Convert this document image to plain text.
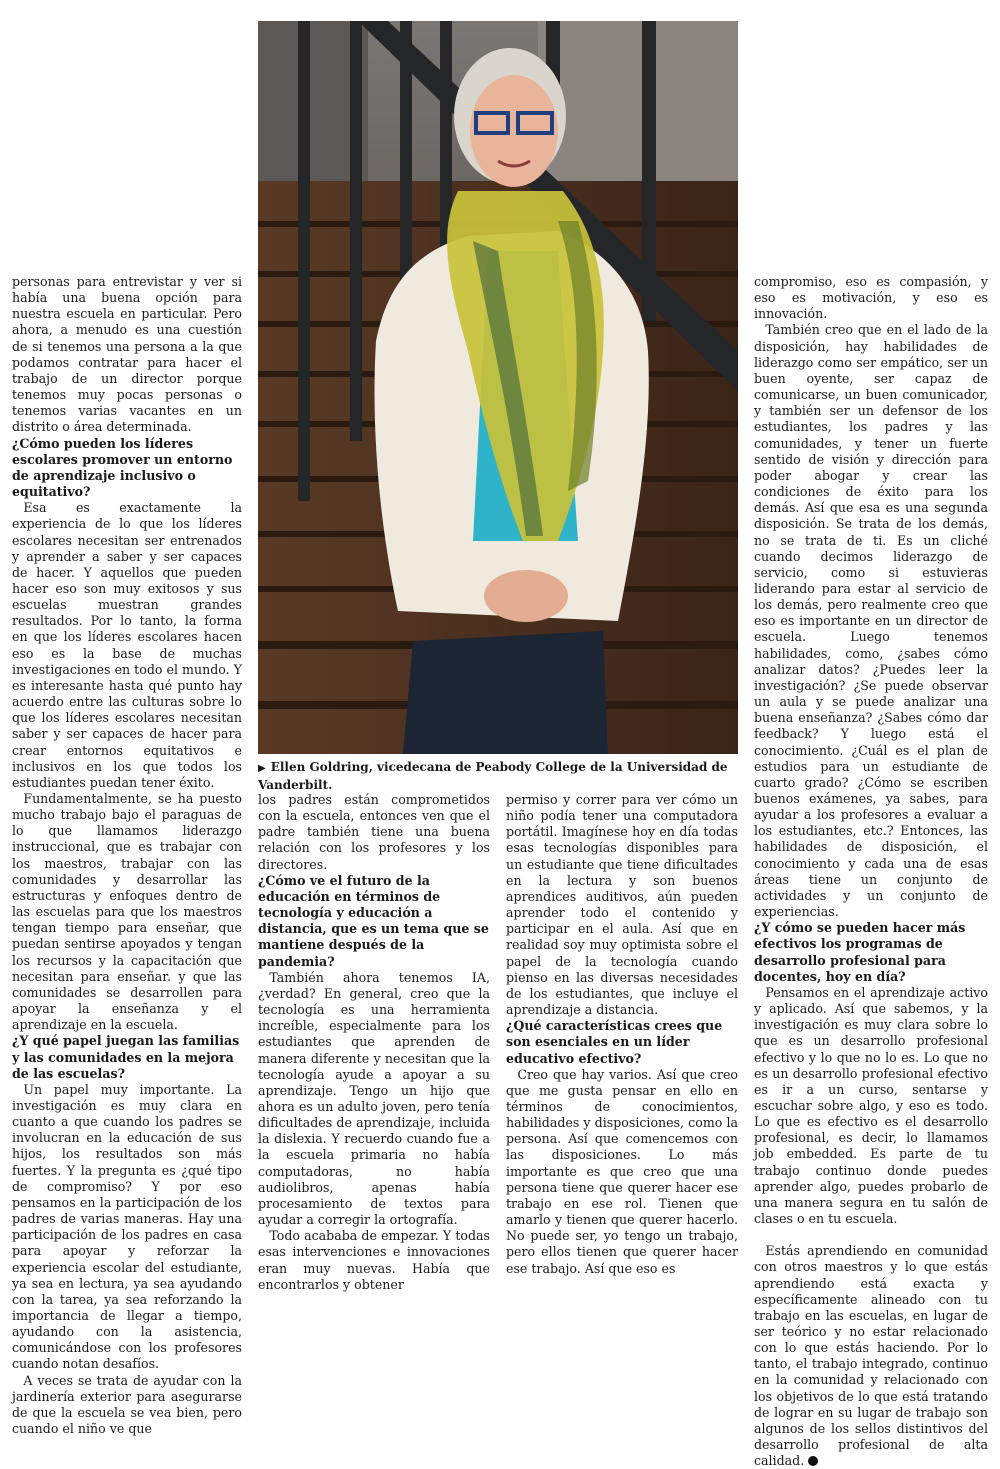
▶ Ellen Goldring, vicedecana de Peabody College de la Universidad de Vanderbilt.

personas para entrevistar y ver si había una buena opción para nuestra escuela en particular. Pero ahora, a menudo es una cuestión de si tenemos una persona a la que podamos contratar para hacer el trabajo de un director porque tenemos muy pocas personas o tenemos varias vacantes en un distrito o área determinada.

¿Cómo pueden los líderes escolares promover un entorno de aprendizaje inclusivo o equitativo?

Esa es exactamente la experiencia de lo que los líderes escolares necesitan ser entrenados y aprender a saber y ser capaces de hacer. Y aquellos que pueden hacer eso son muy exitosos y sus escuelas muestran grandes resultados. Por lo tanto, la forma en que los líderes escolares hacen eso es la base de muchas investigaciones en todo el mundo. Y es interesante hasta qué punto hay acuerdo entre las culturas sobre lo que los líderes escolares necesitan saber y ser capaces de hacer para crear entornos equitativos e inclusivos en los que todos los estudiantes puedan tener éxito.

Fundamentalmente, se ha puesto mucho trabajo bajo el paraguas de lo que llamamos liderazgo instruccional, que es trabajar con los maestros, trabajar con las comunidades y desarrollar las estructuras y enfoques dentro de las escuelas para que los maestros tengan tiempo para enseñar, que puedan sentirse apoyados y tengan los recursos y la capacitación que necesitan para enseñar. y que las comunidades se desarrollen para apoyar la enseñanza y el aprendizaje en la escuela.

¿Y qué papel juegan las familias y las comunidades en la mejora de las escuelas?

Un papel muy importante. La investigación es muy clara en cuanto a que cuando los padres se involucran en la educación de sus hijos, los resultados son más fuertes. Y la pregunta es ¿qué tipo de compromiso? Y por eso pensamos en la participación de los padres de varias maneras. Hay una participación de los padres en casa para apoyar y reforzar la experiencia escolar del estudiante, ya sea en lectura, ya sea ayudando con la tarea, ya sea reforzando la importancia de llegar a tiempo, ayudando con la asistencia, comunicándose con los profesores cuando notan desafíos.

A veces se trata de ayudar con la jardinería exterior para asegurarse de que la escuela se vea bien, pero cuando el niño ve que

los padres están comprometidos con la escuela, entonces ven que el padre también tiene una buena relación con los profesores y los directores.

¿Cómo ve el futuro de la educación en términos de tecnología y educación a distancia, que es un tema que se mantiene después de la pandemia?

También ahora tenemos IA, ¿verdad? En general, creo que la tecnología es una herramienta increíble, especialmente para los estudiantes que aprenden de manera diferente y necesitan que la tecnología ayude a apoyar a su aprendizaje. Tengo un hijo que ahora es un adulto joven, pero tenía dificultades de aprendizaje, incluida la dislexia. Y recuerdo cuando fue a la escuela primaria no había computadoras, no había audiolibros, apenas había procesamiento de textos para ayudar a corregir la ortografía.

Todo acababa de empezar. Y todas esas intervenciones e innovaciones eran muy nuevas. Había que encontrarlos y obtener

permiso y correr para ver cómo un niño podía tener una computadora portátil. Imagínese hoy en día todas esas tecnologías disponibles para un estudiante que tiene dificultades en la lectura y son buenos aprendices auditivos, aún pueden aprender todo el contenido y participar en el aula. Así que en realidad soy muy optimista sobre el papel de la tecnología cuando pienso en las diversas necesidades de los estudiantes, que incluye el aprendizaje a distancia.

¿Qué características crees que son esenciales en un líder educativo efectivo?

Creo que hay varios. Así que creo que me gusta pensar en ello en términos de conocimientos, habilidades y disposiciones, como la persona. Así que comencemos con las disposiciones. Lo más importante es que creo que una persona tiene que querer hacer ese trabajo en ese rol. Tienen que amarlo y tienen que querer hacerlo. No puede ser, yo tengo un trabajo, pero ellos tienen que querer hacer ese trabajo. Así que eso es

compromiso, eso es compasión, y eso es motivación, y eso es innovación.

También creo que en el lado de la disposición, hay habilidades de liderazgo como ser empático, ser un buen oyente, ser capaz de comunicarse, un buen comunicador, y también ser un defensor de los estudiantes, los padres y las comunidades, y tener un fuerte sentido de visión y dirección para poder abogar y crear las condiciones de éxito para los demás. Así que esa es una segunda disposición. Se trata de los demás, no se trata de ti. Es un cliché cuando decimos liderazgo de servicio, como si estuvieras liderando para estar al servicio de los demás, pero realmente creo que eso es importante en un director de escuela. Luego tenemos habilidades, como, ¿sabes cómo analizar datos? ¿Puedes leer la investigación? ¿Se puede observar un aula y se puede analizar una buena enseñanza? ¿Sabes cómo dar feedback? Y luego está el conocimiento. ¿Cuál es el plan de estudios para un estudiante de cuarto grado? ¿Cómo se escriben buenos exámenes, ya sabes, para ayudar a los profesores a evaluar a los estudiantes, etc.? Entonces, las habilidades de disposición, el conocimiento y cada una de esas áreas tiene un conjunto de actividades y un conjunto de experiencias.

¿Y cómo se pueden hacer más efectivos los programas de desarrollo profesional para docentes, hoy en día?

Pensamos en el aprendizaje activo y aplicado. Así que sabemos, y la investigación es muy clara sobre lo que es un desarrollo profesional efectivo y lo que no lo es. Lo que no es un desarrollo profesional efectivo es ir a un curso, sentarse y escuchar sobre algo, y eso es todo. Lo que es efectivo es el desarrollo profesional, es decir, lo llamamos job embedded. Es parte de tu trabajo continuo donde puedes aprender algo, puedes probarlo de una manera segura en tu salón de clases o en tu escuela.

Estás aprendiendo en comunidad con otros maestros y lo que estás aprendiendo está exacta y específicamente alineado con tu trabajo en las escuelas, en lugar de ser teórico y no estar relacionado con lo que estás haciendo. Por lo tanto, el trabajo integrado, continuo en la comunidad y relacionado con los objetivos de lo que está tratando de lograr en su lugar de trabajo son algunos de los sellos distintivos del desarrollo profesional de alta calidad.
